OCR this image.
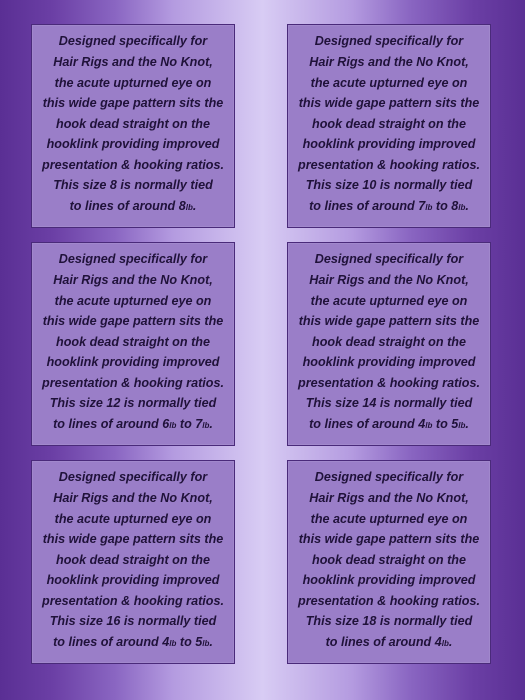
Designed specifically for
Hair Rigs and the No Knot,
the acute upturned eye on
this wide gape pattern sits the
hook dead straight on the
hooklink providing improved
presentation & hooking ratios.
This size 8 is normally tied
to lines of around 8lb.

Designed specifically for
Hair Rigs and the No Knot,
the acute upturned eye on
this wide gape pattern sits the
hook dead straight on the
hooklink providing improved
presentation & hooking ratios.
This size 10 is normally tied
to lines of around 7lb to 8lb.

Designed specifically for
Hair Rigs and the No Knot,
the acute upturned eye on
this wide gape pattern sits the
hook dead straight on the
hooklink providing improved
presentation & hooking ratios.
This size 12 is normally tied
to lines of around 6lb to 7lb.

Designed specifically for
Hair Rigs and the No Knot,
the acute upturned eye on
this wide gape pattern sits the
hook dead straight on the
hooklink providing improved
presentation & hooking ratios.
This size 14 is normally tied
to lines of around 4lb to 5lb.

Designed specifically for
Hair Rigs and the No Knot,
the acute upturned eye on
this wide gape pattern sits the
hook dead straight on the
hooklink providing improved
presentation & hooking ratios.
This size 16 is normally tied
to lines of around 4lb to 5lb.

Designed specifically for
Hair Rigs and the No Knot,
the acute upturned eye on
this wide gape pattern sits the
hook dead straight on the
hooklink providing improved
presentation & hooking ratios.
This size 18 is normally tied
to lines of around 4lb.
